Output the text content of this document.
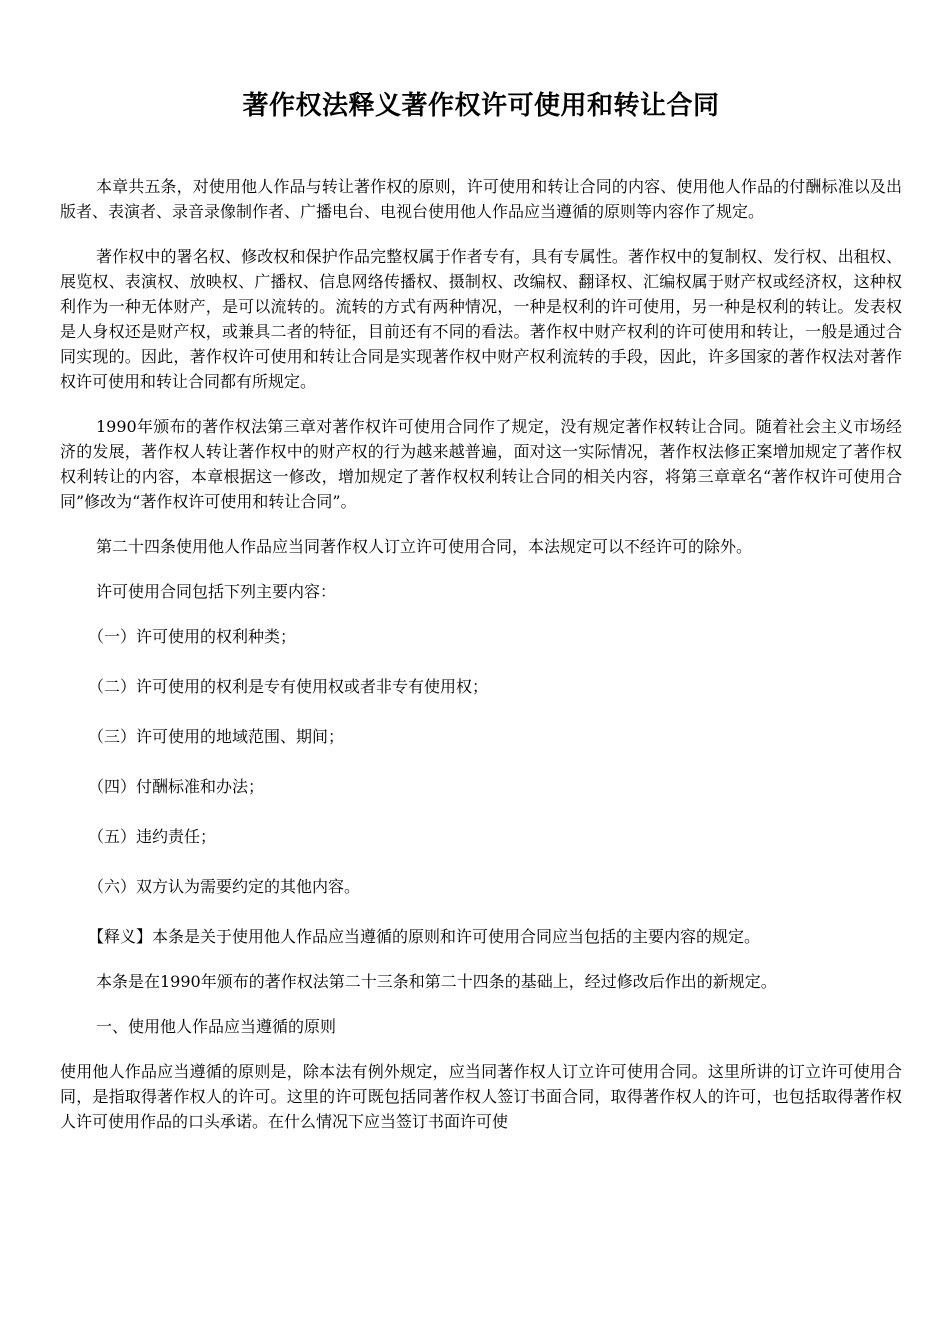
著作权法释义著作权许可使用和转让合同

本章共五条，对使用他人作品与转让著作权的原则，许可使用和转让合同的内容、使用他人作品的付酬标准以及出版者、表演者、录音录像制作者、广播电台、电视台使用他人作品应当遵循的原则等内容作了规定。

著作权中的署名权、修改权和保护作品完整权属于作者专有，具有专属性。著作权中的复制权、发行权、出租权、展览权、表演权、放映权、广播权、信息网络传播权、摄制权、改编权、翻译权、汇编权属于财产权或经济权，这种权利作为一种无体财产，是可以流转的。流转的方式有两种情况，一种是权利的许可使用，另一种是权利的转让。发表权是人身权还是财产权，或兼具二者的特征，目前还有不同的看法。著作权中财产权利的许可使用和转让，一般是通过合同实现的。因此，著作权许可使用和转让合同是实现著作权中财产权利流转的手段，因此，许多国家的著作权法对著作权许可使用和转让合同都有所规定。

1990年颁布的著作权法第三章对著作权许可使用合同作了规定，没有规定著作权转让合同。随着社会主义市场经济的发展，著作权人转让著作权中的财产权的行为越来越普遍，面对这一实际情况，著作权法修正案增加规定了著作权权利转让的内容，本章根据这一修改，增加规定了著作权权利转让合同的相关内容，将第三章章名“著作权许可使用合同”修改为“著作权许可使用和转让合同”。

第二十四条使用他人作品应当同著作权人订立许可使用合同，本法规定可以不经许可的除外。

许可使用合同包括下列主要内容：

（一）许可使用的权利种类；

（二）许可使用的权利是专有使用权或者非专有使用权；

（三）许可使用的地域范围、期间；

（四）付酬标准和办法；

（五）违约责任；

（六）双方认为需要约定的其他内容。

【释义】本条是关于使用他人作品应当遵循的原则和许可使用合同应当包括的主要内容的规定。

本条是在1990年颁布的著作权法第二十三条和第二十四条的基础上，经过修改后作出的新规定。

一、使用他人作品应当遵循的原则

使用他人作品应当遵循的原则是，除本法有例外规定，应当同著作权人订立许可使用合同。这里所讲的订立许可使用合同，是指取得著作权人的许可。这里的许可既包括同著作权人签订书面合同，取得著作权人的许可，也包括取得著作权人许可使用作品的口头承诺。在什么情况下应当签订书面许可使
